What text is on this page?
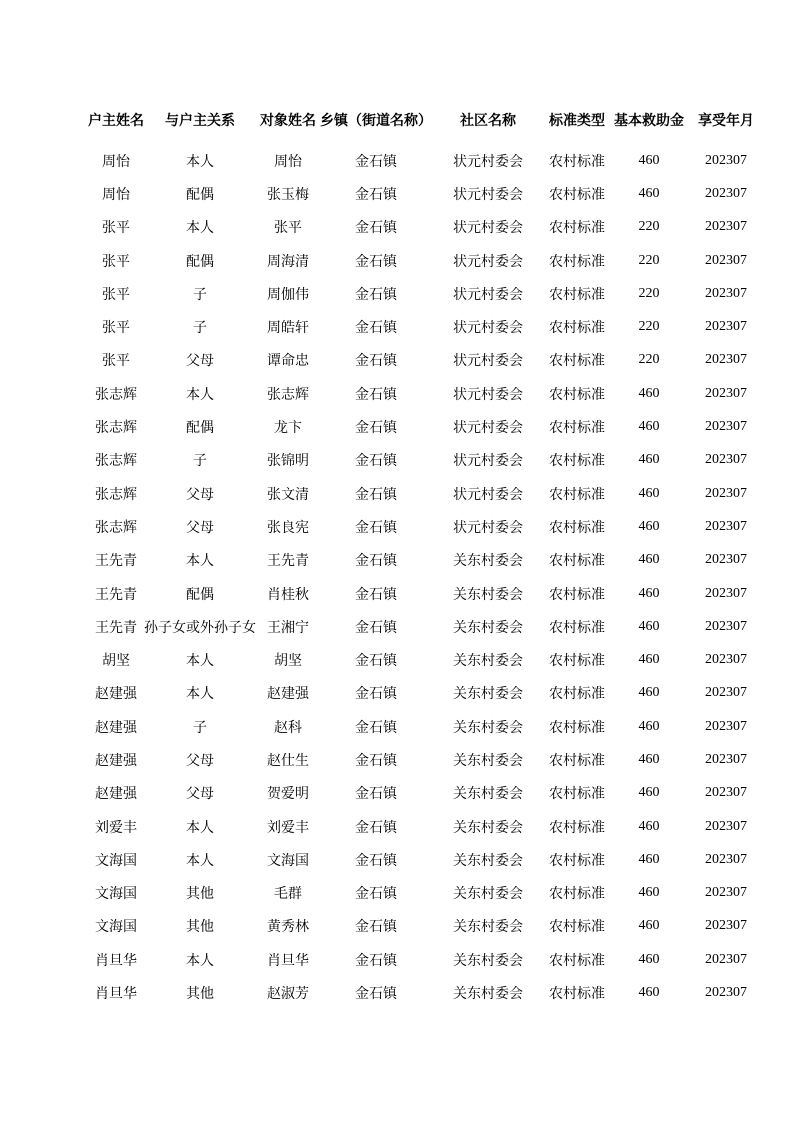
户主姓名	与户主关系	对象姓名	乡镇（街道名称）	社区名称	标准类型	基本救助金	享受年月
周怡	本人	周怡	金石镇	状元村委会	农村标准	460	202307
周怡	配偶	张玉梅	金石镇	状元村委会	农村标准	460	202307
张平	本人	张平	金石镇	状元村委会	农村标准	220	202307
张平	配偶	周海清	金石镇	状元村委会	农村标准	220	202307
张平	子	周伽伟	金石镇	状元村委会	农村标准	220	202307
张平	子	周皓轩	金石镇	状元村委会	农村标准	220	202307
张平	父母	谭命忠	金石镇	状元村委会	农村标准	220	202307
张志辉	本人	张志辉	金石镇	状元村委会	农村标准	460	202307
张志辉	配偶	龙卞	金石镇	状元村委会	农村标准	460	202307
张志辉	子	张锦明	金石镇	状元村委会	农村标准	460	202307
张志辉	父母	张文清	金石镇	状元村委会	农村标准	460	202307
张志辉	父母	张良宪	金石镇	状元村委会	农村标准	460	202307
王先青	本人	王先青	金石镇	关东村委会	农村标准	460	202307
王先青	配偶	肖桂秋	金石镇	关东村委会	农村标准	460	202307
王先青	孙子女或外孙子女	王湘宁	金石镇	关东村委会	农村标准	460	202307
胡坚	本人	胡坚	金石镇	关东村委会	农村标准	460	202307
赵建强	本人	赵建强	金石镇	关东村委会	农村标准	460	202307
赵建强	子	赵科	金石镇	关东村委会	农村标准	460	202307
赵建强	父母	赵仕生	金石镇	关东村委会	农村标准	460	202307
赵建强	父母	贺爱明	金石镇	关东村委会	农村标准	460	202307
刘爱丰	本人	刘爱丰	金石镇	关东村委会	农村标准	460	202307
文海国	本人	文海国	金石镇	关东村委会	农村标准	460	202307
文海国	其他	毛群	金石镇	关东村委会	农村标准	460	202307
文海国	其他	黄秀林	金石镇	关东村委会	农村标准	460	202307
肖旦华	本人	肖旦华	金石镇	关东村委会	农村标准	460	202307
肖旦华	其他	赵淑芳	金石镇	关东村委会	农村标准	460	202307
